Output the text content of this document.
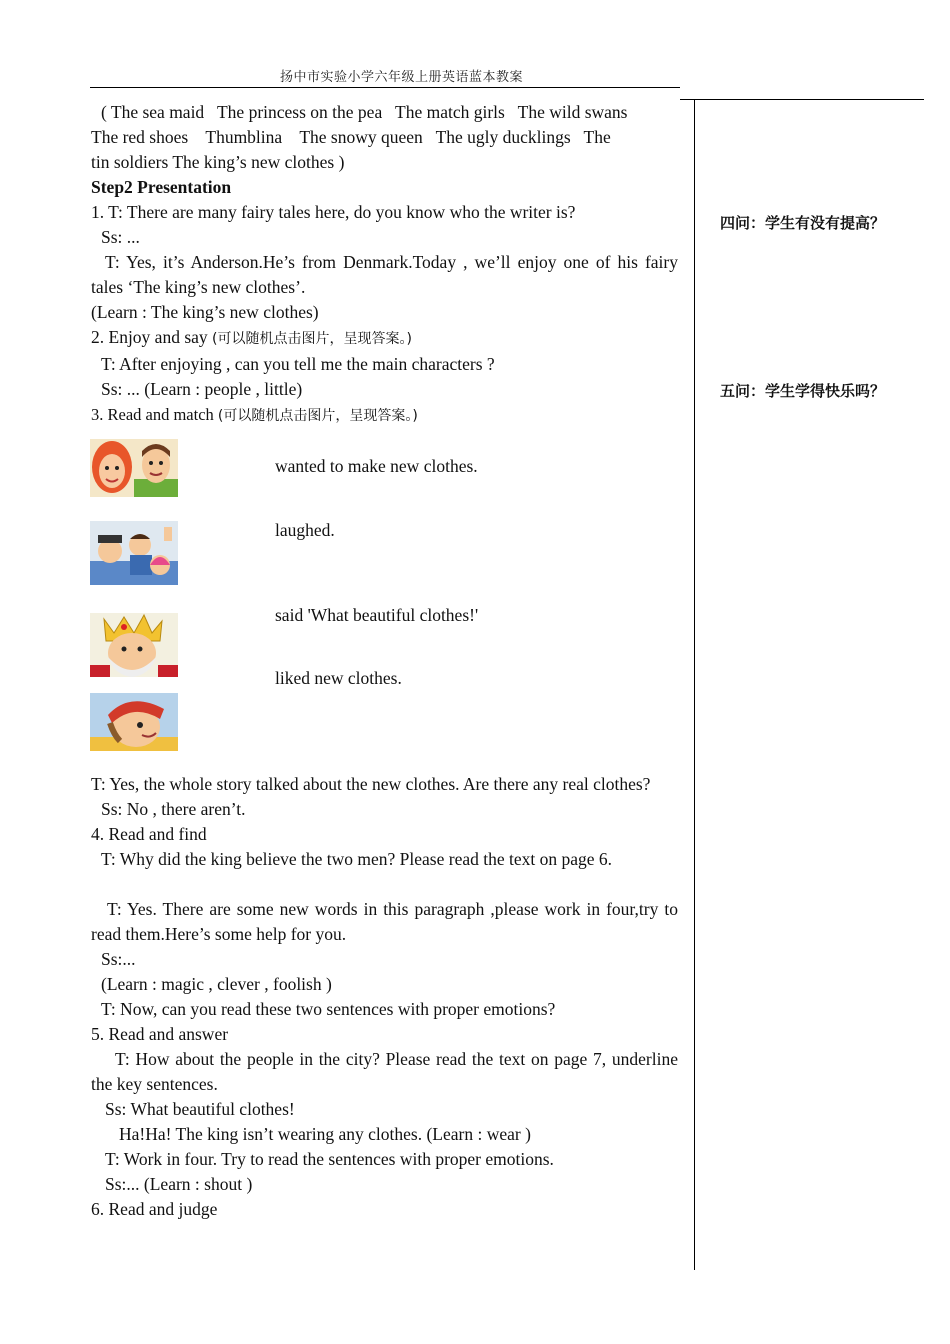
扬中市实验小学六年级上册英语蓝本教案
四问：学生有没有提高？
五问：学生学得快乐吗？

( The sea maid   The princess on the pea   The match girls   The wild swans

The red shoes    Thumblina    The snowy queen   The ugly ducklings   The

tin soldiers The king’s new clothes )

Step2 Presentation

1. T: There are many fairy tales here, do you know who the writer is?

Ss: ...

T: Yes, it’s Anderson.He’s from Denmark.Today , we’ll enjoy one of his fairy tales ‘The king’s new clothes’.

(Learn : The king’s new clothes)

2. Enjoy and say (可以随机点击图片，呈现答案。)

T: After enjoying , can you tell me the main characters ?

Ss: ... (Learn : people , little)

3. Read and match (可以随机点击图片，呈现答案。)

wanted to make new clothes.
laughed.
said 'What beautiful clothes!'
liked new clothes.

T: Yes, the whole story talked about the new clothes. Are there any real clothes?

Ss: No , there aren’t.

4. Read and find

T: Why did the king believe the two men? Please read the text on page 6.

T: Yes. There are some new words in this paragraph ,please work in four,try to read them.Here’s some help for you.

Ss:...

(Learn : magic , clever , foolish )

T: Now, can you read these two sentences with proper emotions?

5. Read and answer

T: How about the people in the city? Please read the text on page 7, underline the key sentences.

Ss: What beautiful clothes!

Ha!Ha! The king isn’t wearing any clothes. (Learn : wear )

T: Work in four. Try to read the sentences with proper emotions.

Ss:... (Learn : shout )

6. Read and judge
